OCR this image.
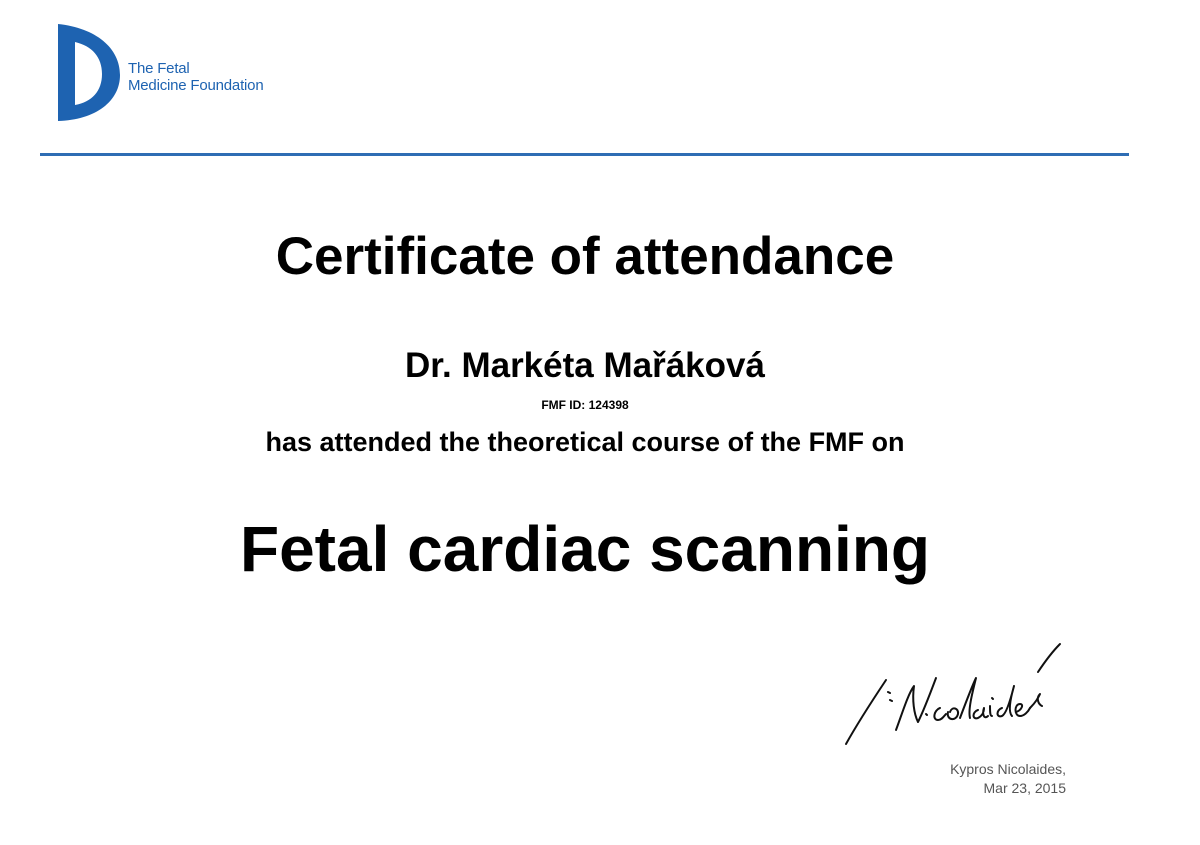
The Fetal
Medicine Foundation
Certificate of attendance
Dr. Markéta Mařáková
FMF ID: 124398
has attended the theoretical course of the FMF on
Fetal cardiac scanning
Kypros Nicolaides,
Mar 23, 2015
